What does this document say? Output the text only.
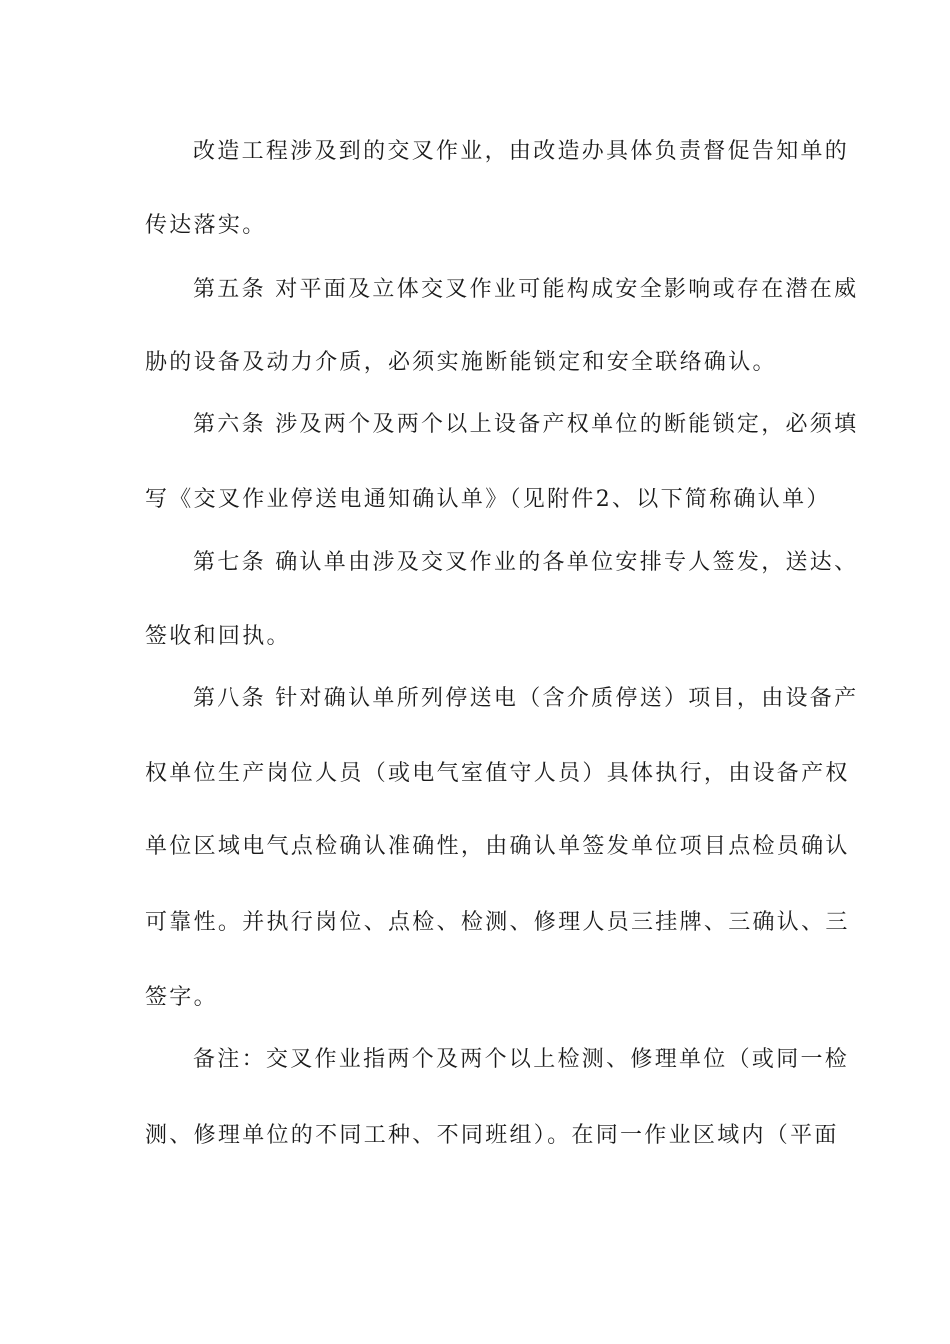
改造工程涉及到的交叉作业，由改造办具体负责督促告知单的
传达落实。
第五条 对平面及立体交叉作业可能构成安全影响或存在潜在威
胁的设备及动力介质，必须实施断能锁定和安全联络确认。
第六条 涉及两个及两个以上设备产权单位的断能锁定，必须填
写《交叉作业停送电通知确认单》（见附件2、以下简称确认单）
第七条 确认单由涉及交叉作业的各单位安排专人签发，送达、
签收和回执。
第八条 针对确认单所列停送电（含介质停送）项目，由设备产
权单位生产岗位人员（或电气室值守人员）具体执行，由设备产权
单位区域电气点检确认准确性，由确认单签发单位项目点检员确认
可靠性。并执行岗位、点检、检测、修理人员三挂牌、三确认、三
签字。
备注：交叉作业指两个及两个以上检测、修理单位（或同一检
测、修理单位的不同工种、不同班组）。在同一作业区域内（平面
